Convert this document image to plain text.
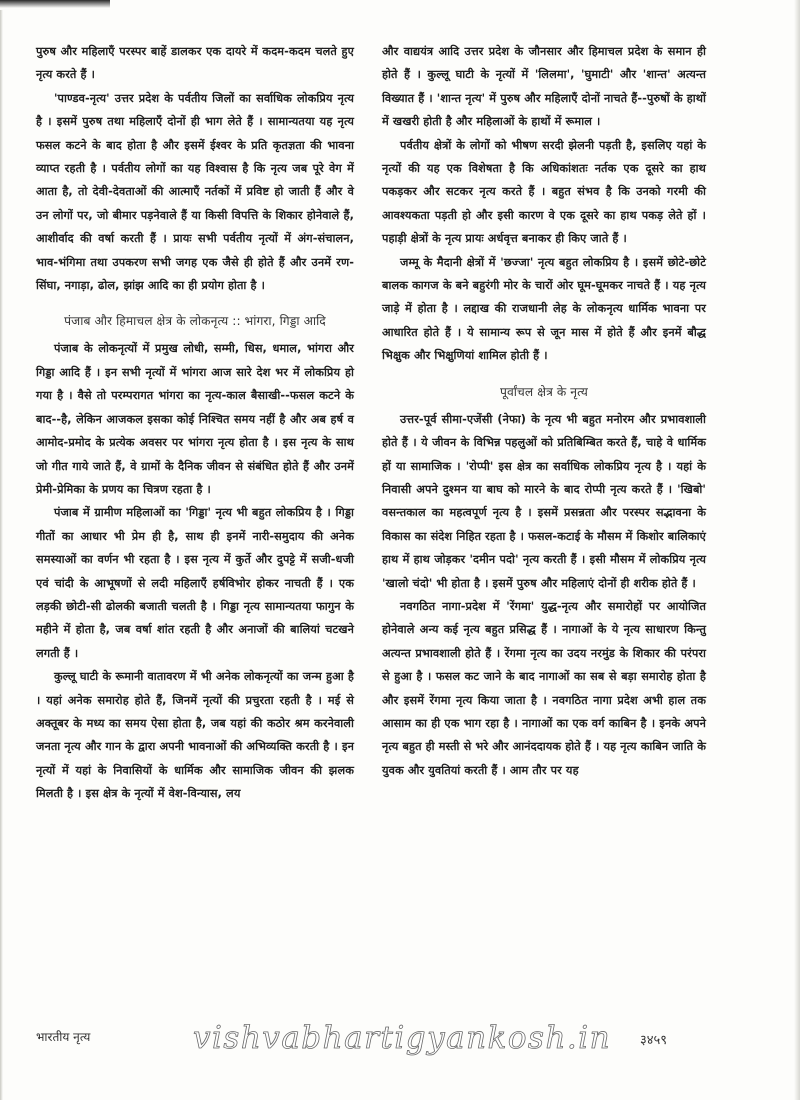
पुरुष और महिलाएँ परस्पर बाहें डालकर एक दायरे में कदम-कदम चलते हुए नृत्य करते हैं ।

'पाण्डव-नृत्य' उत्तर प्रदेश के पर्वतीय जिलों का सर्वाधिक लोकप्रिय नृत्य है । इसमें पुरुष तथा महिलाएँ दोनों ही भाग लेते हैं । सामान्यतया यह नृत्य फसल कटने के बाद होता है और इसमें ईश्वर के प्रति कृतज्ञता की भावना व्याप्त रहती है । पर्वतीय लोगों का यह विश्वास है कि नृत्य जब पूरे वेग में आता है, तो देवी-देवताओं की आत्माएँ नर्तकों में प्रविष्ट हो जाती हैं और वे उन लोगों पर, जो बीमार पड़नेवाले हैं या किसी विपत्ति के शिकार होनेवाले हैं, आशीर्वाद की वर्षा करती हैं । प्रायः सभी पर्वतीय नृत्यों में अंग-संचालन, भाव-भंगिमा तथा उपकरण सभी जगह एक जैसे ही होते हैं और उनमें रण-सिंघा, नगाड़ा, ढोल, झांझ आदि का ही प्रयोग होता है ।

पंजाब और हिमाचल क्षेत्र के लोकनृत्य :: भांगरा, गिड्डा आदि

पंजाब के लोकनृत्यों में प्रमुख लोधी, सम्मी, धिस, धमाल, भांगरा और गिड्डा आदि हैं । इन सभी नृत्यों में भांगरा आज सारे देश भर में लोकप्रिय हो गया है । वैसे तो परम्परागत भांगरा का नृत्य-काल बैसाखी--फसल कटने के बाद--है, लेकिन आजकल इसका कोई निश्चित समय नहीं है और अब हर्ष व आमोद-प्रमोद के प्रत्येक अवसर पर भांगरा नृत्य होता है । इस नृत्य के साथ जो गीत गाये जाते हैं, वे ग्रामों के दैनिक जीवन से संबंधित होते हैं और उनमें प्रेमी-प्रेमिका के प्रणय का चित्रण रहता है ।

पंजाब में ग्रामीण महिलाओं का 'गिड्डा' नृत्य भी बहुत लोकप्रिय है । गिड्डा गीतों का आधार भी प्रेम ही है, साथ ही इनमें नारी-समुदाय की अनेक समस्याओं का वर्णन भी रहता है । इस नृत्य में कुर्ते और दुपट्टे में सजी-धजी एवं चांदी के आभूषणों से लदी महिलाएँ हर्षविभोर होकर नाचती हैं । एक लड़की छोटी-सी ढोलकी बजाती चलती है । गिड्डा नृत्य सामान्यतया फागुन के महीने में होता है, जब वर्षा शांत रहती है और अनाजों की बालियां चटखने लगती हैं ।

कुल्लू घाटी के रूमानी वातावरण में भी अनेक लोकनृत्यों का जन्म हुआ है । यहां अनेक समारोह होते हैं, जिनमें नृत्यों की प्रचुरता रहती है । मई से अक्तूबर के मध्य का समय ऐसा होता है, जब यहां की कठोर श्रम करनेवाली जनता नृत्य और गान के द्वारा अपनी भावनाओं की अभिव्यक्ति करती है । इन नृत्यों में यहां के निवासियों के धार्मिक और सामाजिक जीवन की झलक मिलती है । इस क्षेत्र के नृत्यों में वेश-विन्यास, लय

और वाद्ययंत्र आदि उत्तर प्रदेश के जौनसार और हिमाचल प्रदेश के समान ही होते हैं । कुल्लू घाटी के नृत्यों में 'लिलमा', 'घुमाटी' और 'शान्त' अत्यन्त विख्यात हैं । 'शान्त नृत्य' में पुरुष और महिलाएँ दोनों नाचते हैं--पुरुषों के हाथों में खखरी होती है और महिलाओं के हाथों में रूमाल ।

पर्वतीय क्षेत्रों के लोगों को भीषण सरदी झेलनी पड़ती है, इसलिए यहां के नृत्यों की यह एक विशेषता है कि अधिकांशतः नर्तक एक दूसरे का हाथ पकड़कर और सटकर नृत्य करते हैं । बहुत संभव है कि उनको गरमी की आवश्यकता पड़ती हो और इसी कारण वे एक दूसरे का हाथ पकड़ लेते हों । पहाड़ी क्षेत्रों के नृत्य प्रायः अर्धवृत्त बनाकर ही किए जाते हैं ।

जम्मू के मैदानी क्षेत्रों में 'छज्जा' नृत्य बहुत लोकप्रिय है । इसमें छोटे-छोटे बालक कागज के बने बहुरंगी मोर के चारों ओर घूम-घूमकर नाचते हैं । यह नृत्य जाड़े में होता है । लद्दाख की राजधानी लेह के लोकनृत्य धार्मिक भावना पर आधारित होते हैं । ये सामान्य रूप से जून मास में होते हैं और इनमें बौद्ध भिक्षुक और भिक्षुणियां शामिल होती हैं ।

पूर्वांचल क्षेत्र के नृत्य

उत्तर-पूर्व सीमा-एजेंसी (नेफा) के नृत्य भी बहुत मनोरम और प्रभावशाली होते हैं । ये जीवन के विभिन्न पहलुओं को प्रतिबिम्बित करते हैं, चाहे वे धार्मिक हों या सामाजिक । 'रोप्पी' इस क्षेत्र का सर्वाधिक लोकप्रिय नृत्य है । यहां के निवासी अपने दुश्मन या बाघ को मारने के बाद रोप्पी नृत्य करते हैं । 'खिबो' वसन्तकाल का महत्वपूर्ण नृत्य है । इसमें प्रसन्नता और परस्पर सद्भावना के विकास का संदेश निहित रहता है । फसल-कटाई के मौसम में किशोर बालिकाएं हाथ में हाथ जोड़कर 'दमीन पदो' नृत्य करती हैं । इसी मौसम में लोकप्रिय नृत्य 'खालो चंदो' भी होता है । इसमें पुरुष और महिलाएं दोनों ही शरीक होते हैं ।

नवगठित नागा-प्रदेश में 'रेंगमा' युद्ध-नृत्य और समारोहों पर आयोजित होनेवाले अन्य कई नृत्य बहुत प्रसिद्ध हैं । नागाओं के ये नृत्य साधारण किन्तु अत्यन्त प्रभावशाली होते हैं । रेंगमा नृत्य का उदय नरमुंड के शिकार की परंपरा से हुआ है । फसल कट जाने के बाद नागाओं का सब से बड़ा समारोह होता है और इसमें रेंगमा नृत्य किया जाता है । नवगठित नागा प्रदेश अभी हाल तक आसाम का ही एक भाग रहा है । नागाओं का एक वर्ग काबिन है । इनके अपने नृत्य बहुत ही मस्ती से भरे और आनंददायक होते हैं । यह नृत्य काबिन जाति के युवक और युवतियां करती हैं । आम तौर पर यह

भारतीय नृत्य	vishvabhartigyankosh.in ३४५९
